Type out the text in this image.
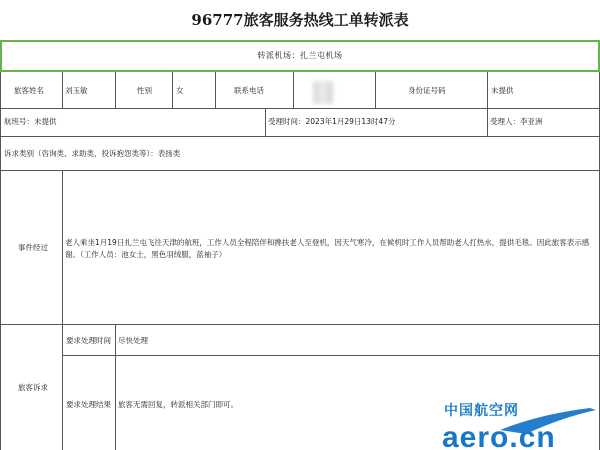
96777旅客服务热线工单转派表
转派机场：扎兰屯机场
旅客姓名	刘玉敏	性别	女	联系电话	身份证号码	未提供
航班号：未提供	受理时间：2023年1月29日13时47分	受理人：李亚洲
诉求类别（咨询类、求助类、投诉抱怨类等）：表扬类
事件经过
老人乘坐1月19日扎兰屯飞往天津的航班，工作人员全程陪伴和搀扶老人至登机，因天气寒冷，在候机时工作人员帮助老人打热水，提供毛毯。因此旅客表示感谢。（工作人员：池女士，黑色羽绒服，蓝袖子）
旅客诉求
要求处理时间 尽快处理
要求处理结果 旅客无需回复，转派相关部门即可。
aero.cn
中国航空网
